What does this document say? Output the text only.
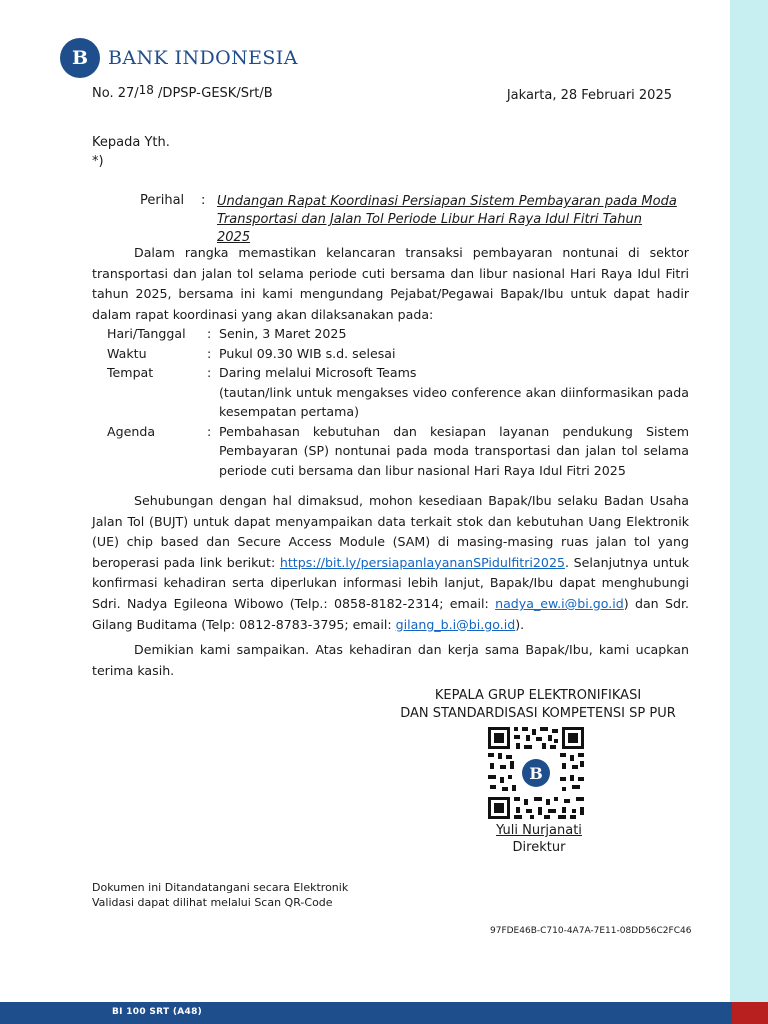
B	BANK INDONESIA
No. 27/18 /DPSP-GESK/Srt/B	Jakarta, 28 Februari 2025
Kepada Yth.
*)
Perihal : Undangan Rapat Koordinasi Persiapan Sistem Pembayaran pada Moda Transportasi dan Jalan Tol Periode Libur Hari Raya Idul Fitri Tahun 2025
Dalam rangka memastikan kelancaran transaksi pembayaran nontunai di sektor transportasi dan jalan tol selama periode cuti bersama dan libur nasional Hari Raya Idul Fitri tahun 2025, bersama ini kami mengundang Pejabat/Pegawai Bapak/Ibu untuk dapat hadir dalam rapat koordinasi yang akan dilaksanakan pada:
Hari/Tanggal	: Senin, 3 Maret 2025
Waktu	: Pukul 09.30 WIB s.d. selesai
Tempat	: Daring melalui Microsoft Teams
(tautan/link untuk mengakses video conference akan diinformasikan pada kesempatan pertama)
Agenda	: Pembahasan kebutuhan dan kesiapan layanan pendukung Sistem Pembayaran (SP) nontunai pada moda transportasi dan jalan tol selama periode cuti bersama dan libur nasional Hari Raya Idul Fitri 2025
Sehubungan dengan hal dimaksud, mohon kesediaan Bapak/Ibu selaku Badan Usaha Jalan Tol (BUJT) untuk dapat menyampaikan data terkait stok dan kebutuhan Uang Elektronik (UE) chip based dan Secure Access Module (SAM) di masing-masing ruas jalan tol yang beroperasi pada link berikut: https://bit.ly/persiapanlayananSPidulfitri2025. Selanjutnya untuk konfirmasi kehadiran serta diperlukan informasi lebih lanjut, Bapak/Ibu dapat menghubungi Sdri. Nadya Egileona Wibowo (Telp.: 0858-8182-2314; email: nadya_ew.i@bi.go.id) dan Sdr. Gilang Buditama (Telp: 0812-8783-3795; email: gilang_b.i@bi.go.id).
Demikian kami sampaikan. Atas kehadiran dan kerja sama Bapak/Ibu, kami ucapkan terima kasih.
KEPALA GRUP ELEKTRONIFIKASI
DAN STANDARDISASI KOMPETENSI SP PUR
B
Yuli Nurjanati
Direktur
Dokumen ini Ditandatangani secara Elektronik
Validasi dapat dilihat melalui Scan QR-Code
97FDE46B-C710-4A7A-7E11-08DD56C2FC46
BI 100 SRT (A48)
